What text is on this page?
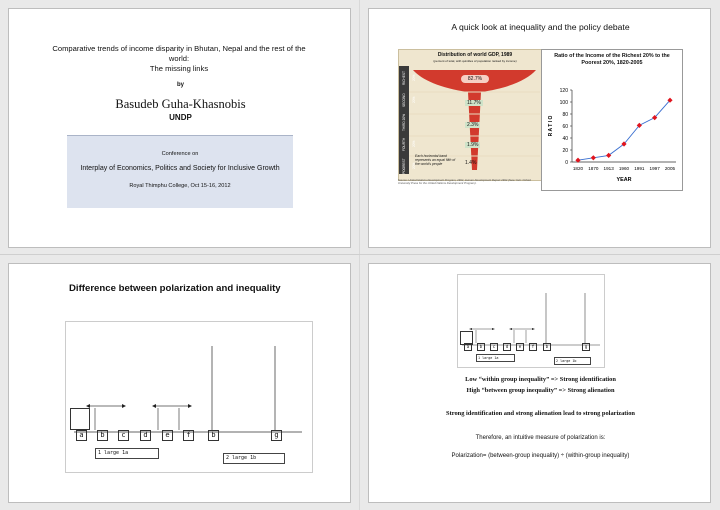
Comparative trends of income disparity in Bhutan, Nepal and the rest of the world:
The missing links
by
Basudeb Guha-Khasnobis
UNDP
Conference on
Interplay of Economics, Politics and Society for Inclusive Growth
Royal Thimphu College, Oct 15-16, 2012
A quick look at inequality and the policy debate
Distribution of world GDP, 1989
(percent of total, with quintiles of population ranked by income)
RICHEST 20%
SECOND 20%
THIRD 20%
FOURTH 20%
POOREST 20%
82.7%
11.7%
2.3%
1.9%
1.4%
Each horizontal band represents an equal fifth of the world's people
Source: United Nations Development Program, 1992, Human Development Report 1992 (New York: Oxford University Press for the United Nations Development Program).
Ratio of the Income of the Richest 20% to the Poorest 20%, 1820-2005
0
20
40
60
80
100
120
1820 1870 1913 1960 1991 1997 2005
YEAR
R A T I O
Difference between polarization and inequality
a	b	c	d	e	f	b	g
1 large 1a
2 large 1b
a	b	c	d	e	f	b	g
1 large 1a
2 large 1b
Low “within group inequality” => Strong identification
High “between group inequality” => Strong alienation
Strong identification and strong alienation lead to strong polarization
Therefore, an intuitive measure of polarization is:
Polarization= (between-group inequality) ÷ (within-group inequality)
